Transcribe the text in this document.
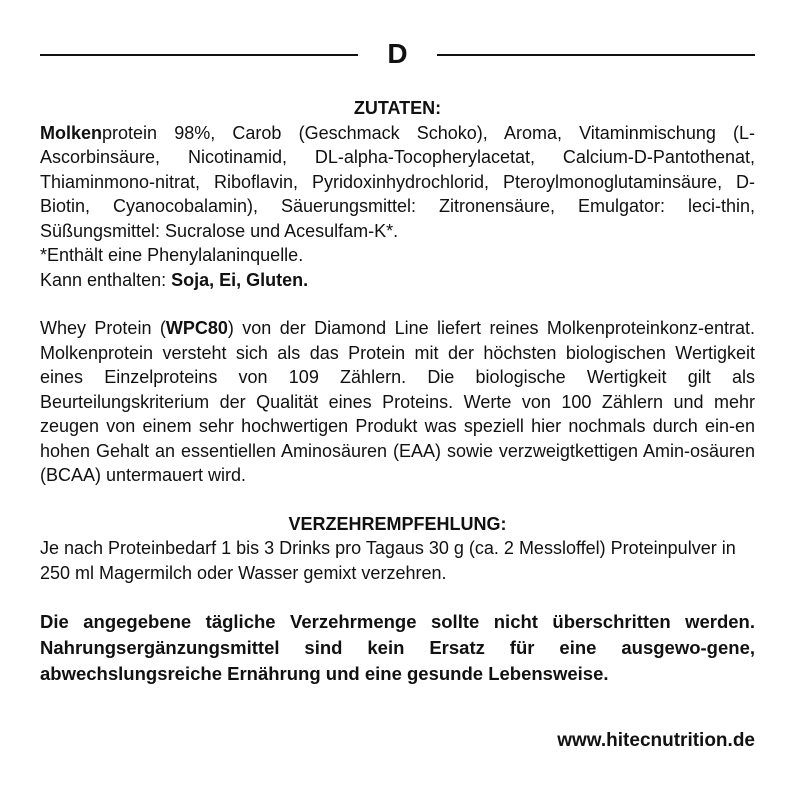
D
ZUTATEN:

Molkenprotein 98%, Carob (Geschmack Schoko), Aroma, Vitaminmischung (L-Ascorbinsäure, Nicotinamid, DL-alpha-Tocopherylacetat, Calcium-D-Pantothenat, Thiaminmono-nitrat, Riboflavin, Pyridoxinhydrochlorid, Pteroylmonoglutaminsäure, D-Biotin, Cyanocobalamin), Säuerungsmittel: Zitronensäure, Emulgator: leci-thin, Süßungsmittel: Sucralose und Acesulfam-K*.

*Enthält eine Phenylalaninquelle.

Kann enthalten: Soja, Ei, Gluten.

Whey Protein (WPC80) von der Diamond Line liefert reines Molkenproteinkonz-entrat. Molkenprotein versteht sich als das Protein mit der höchsten biologischen Wertigkeit eines Einzelproteins von 109 Zählern. Die biologische Wertigkeit gilt als Beurteilungskriterium der Qualität eines Proteins. Werte von 100 Zählern und mehr zeugen von einem sehr hochwertigen Produkt was speziell hier nochmals durch ein-en hohen Gehalt an essentiellen Aminosäuren (EAA) sowie verzweigtkettigen Amin-osäuren (BCAA) untermauert wird.

VERZEHREMPFEHLUNG:

Je nach Proteinbedarf 1 bis 3 Drinks pro Tagaus 30 g (ca. 2 Messloffel) Proteinpulver in 250 ml Magermilch oder Wasser gemixt verzehren.

Die angegebene tägliche Verzehrmenge sollte nicht überschritten werden. Nahrungsergänzungsmittel sind kein Ersatz für eine ausgewo-gene, abwechslungsreiche Ernährung und eine gesunde Lebensweise.

www.hitecnutrition.de
